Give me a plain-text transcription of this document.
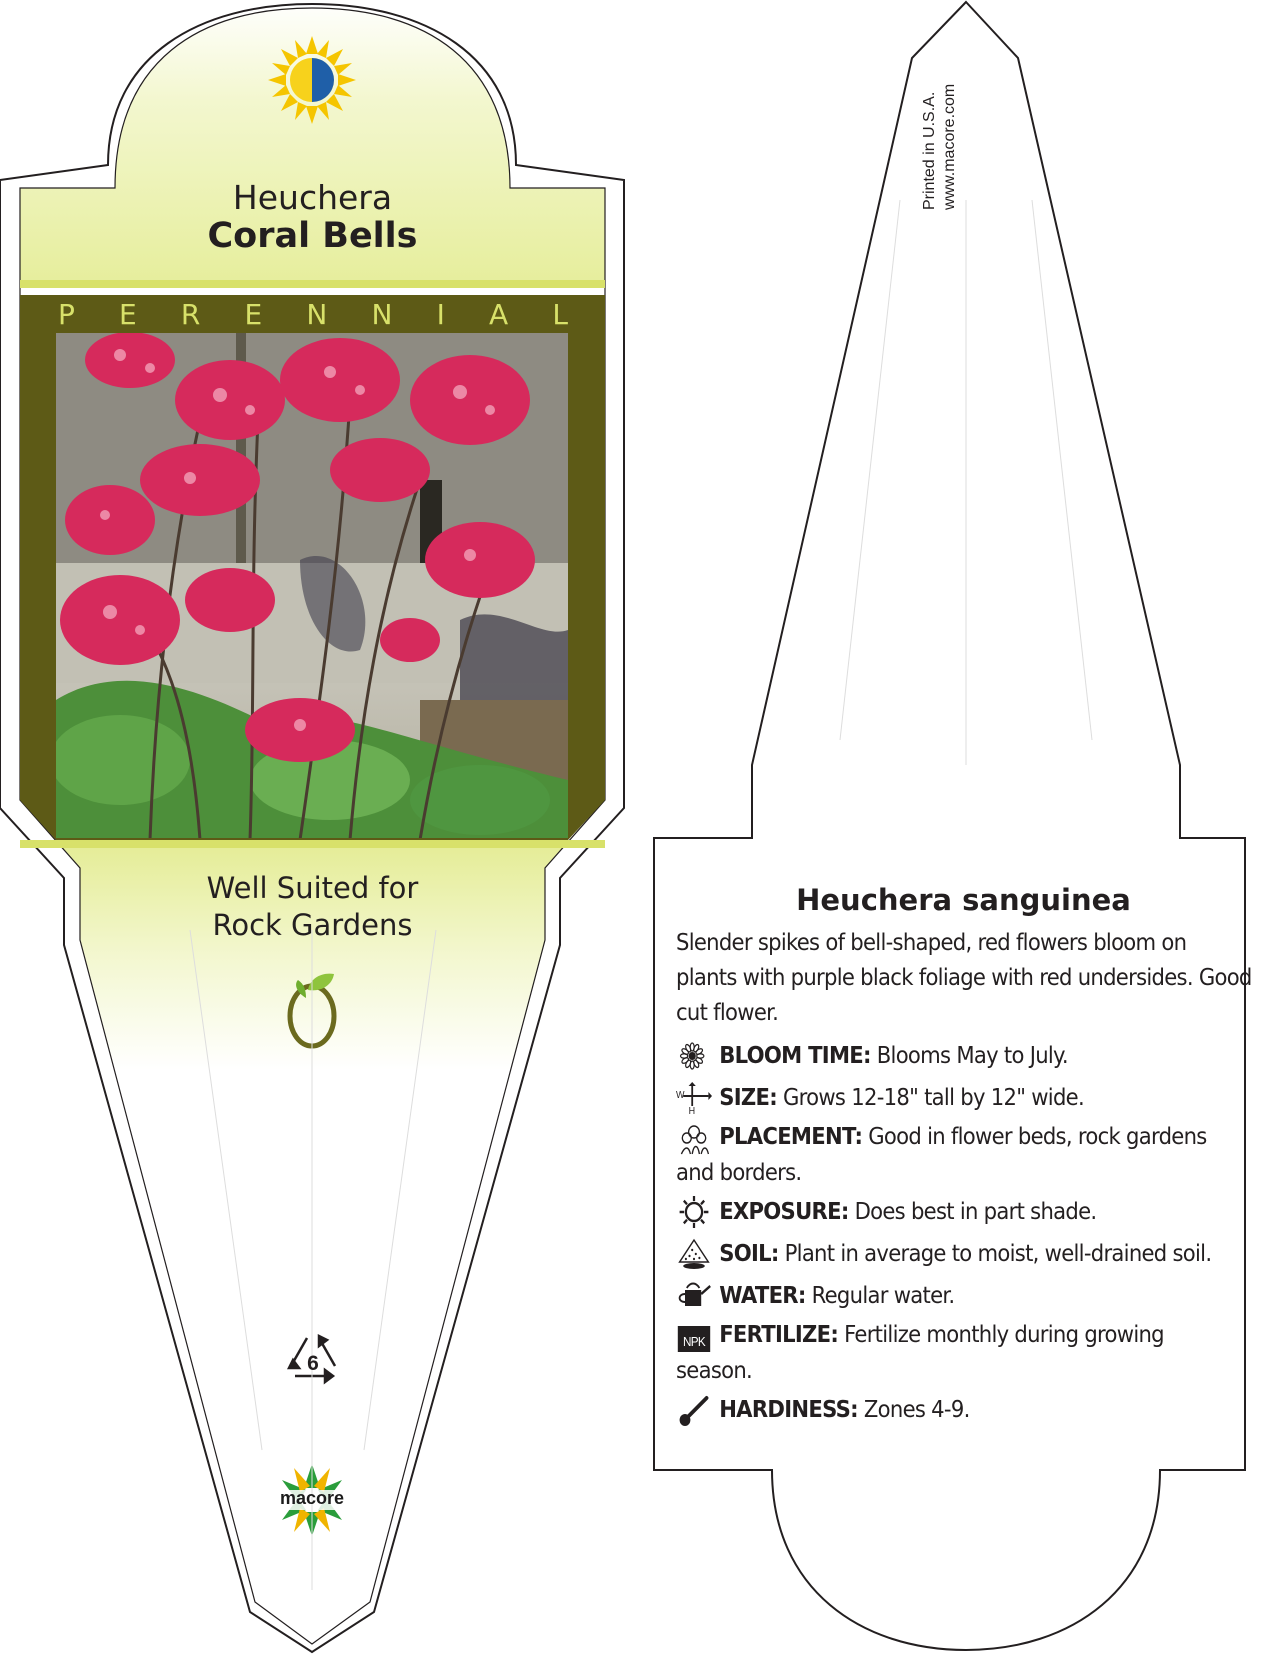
Heuchera
Coral Bells
P E R E N N I A L
Well Suited for
Rock Gardens
6
macore
Printed in U.S.A. www.macore.com
Heuchera sanguinea
Slender spikes of bell-shaped, red flowers bloom on plants with purple black foliage with red undersides. Good cut flower.
BLOOM TIME: Blooms May to July.
W
H
SIZE: Grows 12-18" tall by 12" wide.
PLACEMENT: Good in flower beds, rock gardens
and borders.
EXPOSURE: Does best in part shade.
SOIL: Plant in average to moist, well-drained soil.
WATER: Regular water.
NPK FERTILIZE: Fertilize monthly during growing
season.
HARDINESS: Zones 4-9.
